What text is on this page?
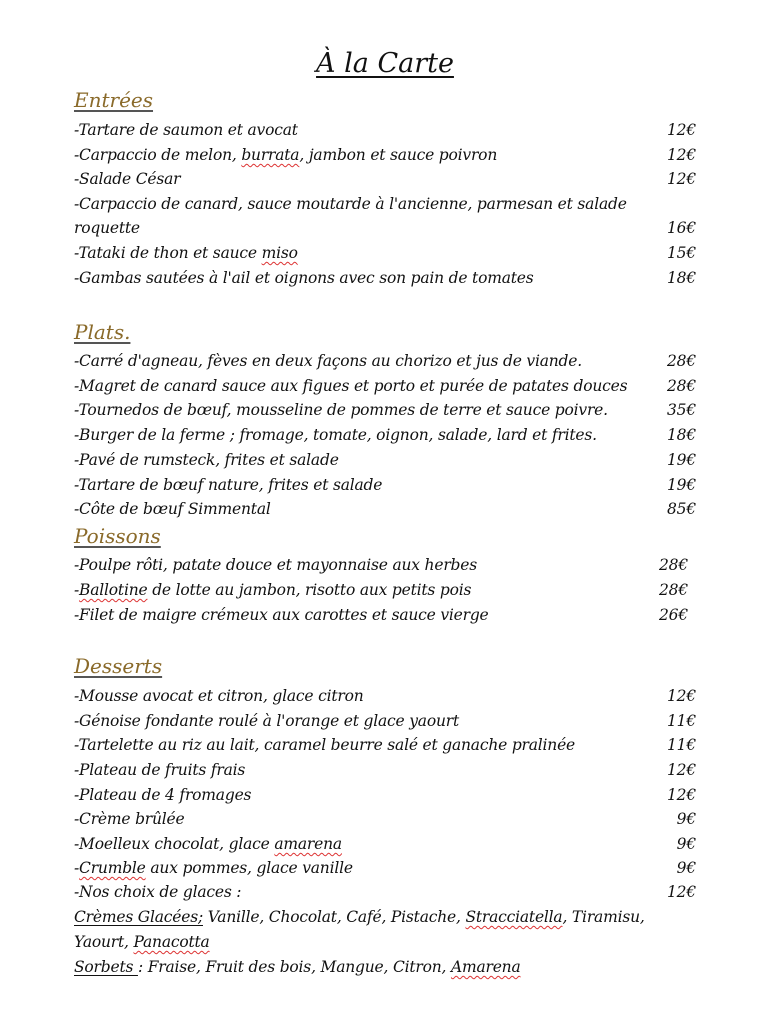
À la Carte
Entrées
-Tartare de saumon et avocat	12€
-Carpaccio de melon, burrata, jambon et sauce poivron	12€
-Salade César	12€
-Carpaccio de canard, sauce moutarde à l'ancienne, parmesan et salade
roquette	16€
-Tataki de thon et sauce miso	15€
-Gambas sautées à l'ail et oignons avec son pain de tomates	18€
Plats.
-Carré d'agneau, fèves en deux façons au chorizo et jus de viande.	28€
-Magret de canard sauce aux figues et porto et purée de patates douces	28€
-Tournedos de bœuf, mousseline de pommes de terre et sauce poivre.	35€
-Burger de la ferme ; fromage, tomate, oignon, salade, lard et frites.	18€
-Pavé de rumsteck, frites et salade	19€
-Tartare de bœuf nature, frites et salade	19€
-Côte de bœuf Simmental	85€
Poissons
-Poulpe rôti, patate douce et mayonnaise aux herbes	28€
-Ballotine de lotte au jambon, risotto aux petits pois	28€
-Filet de maigre crémeux aux carottes et sauce vierge	26€
Desserts
-Mousse avocat et citron, glace citron	12€
-Génoise fondante roulé à l'orange et glace yaourt	11€
-Tartelette au riz au lait, caramel beurre salé et ganache pralinée	11€
-Plateau de fruits frais	12€
-Plateau de 4 fromages	12€
-Crème brûlée	9€
-Moelleux chocolat, glace amarena	9€
-Crumble aux pommes, glace vanille	9€
-Nos choix de glaces :	12€
Crèmes Glacées; Vanille, Chocolat, Café, Pistache, Stracciatella, Tiramisu,
Yaourt, Panacotta
Sorbets : Fraise, Fruit des bois, Mangue, Citron, Amarena
